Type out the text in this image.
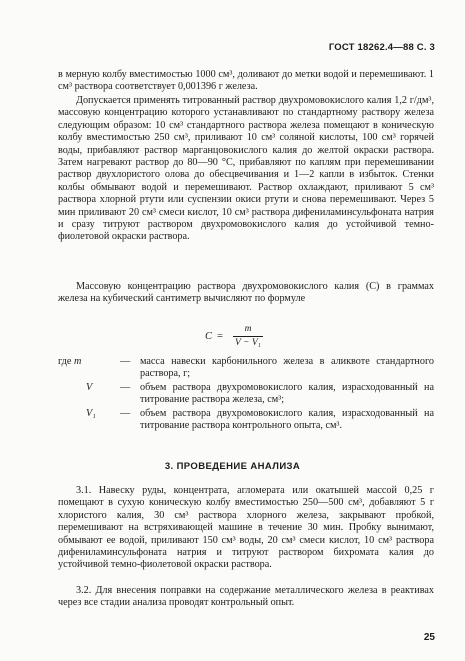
ГОСТ 18262.4—88 С. 3
в мерную колбу вместимостью 1000 см³, доливают до метки водой и перемешивают. 1 см³ раствора соответствует 0,001396 г железа.
Допускается применять титрованный раствор двухромовокислого калия 1,2 г/дм³, массовую концентрацию которого устанавливают по стандартному раствору железа следующим образом: 10 см³ стандартного раствора железа помещают в коническую колбу вместимостью 250 см³, приливают 10 см³ соляной кислоты, 100 см³ горячей воды, прибавляют раствор марганцовокислого калия до желтой окраски раствора. Затем нагревают раствор до 80—90 °С, прибавляют по каплям при перемешивании раствор двухлористого олова до обесцвечивания и 1—2 капли в избыток. Стенки колбы обмывают водой и перемешивают. Раствор охлаждают, приливают 5 см³ раствора хлорной ртути или суспензии окиси ртути и снова перемешивают. Через 5 мин приливают 20 см³ смеси кислот, 10 см³ раствора дифениламинсульфоната натрия и сразу титруют раствором двухромовокислого калия до устойчивой темно-фиолетовой окраски раствора.
Массовую концентрацию раствора двухромовокислого калия (С) в граммах железа на кубический сантиметр вычисляют по формуле
С =
m
V − V₁
где m	— масса навески карбонильного железа в аликвоте стандартного раствора, г;
V	— объем раствора двухромовокислого калия, израсходованный на титрование раствора железа, см³;
V₁	— объем раствора двухромовокислого калия, израсходованный на титрование раствора контрольного опыта, см³.
3. ПРОВЕДЕНИЕ АНАЛИЗА
3.1. Навеску руды, концентрата, агломерата или окатышей массой 0,25 г помещают в сухую коническую колбу вместимостью 250—500 см³, добавляют 5 г хлористого калия, 30 см³ раствора хлорного железа, закрывают пробкой, перемешивают на встряхивающей машине в течение 30 мин. Пробку вынимают, обмывают ее водой, приливают 150 см³ воды, 20 см³ смеси кислот, 10 см³ раствора дифениламинсульфоната натрия и титруют раствором бихромата калия до устойчивой темно-фиолетовой окраски раствора.
3.2. Для внесения поправки на содержание металлического железа в реактивах через все стадии анализа проводят контрольный опыт.
25
